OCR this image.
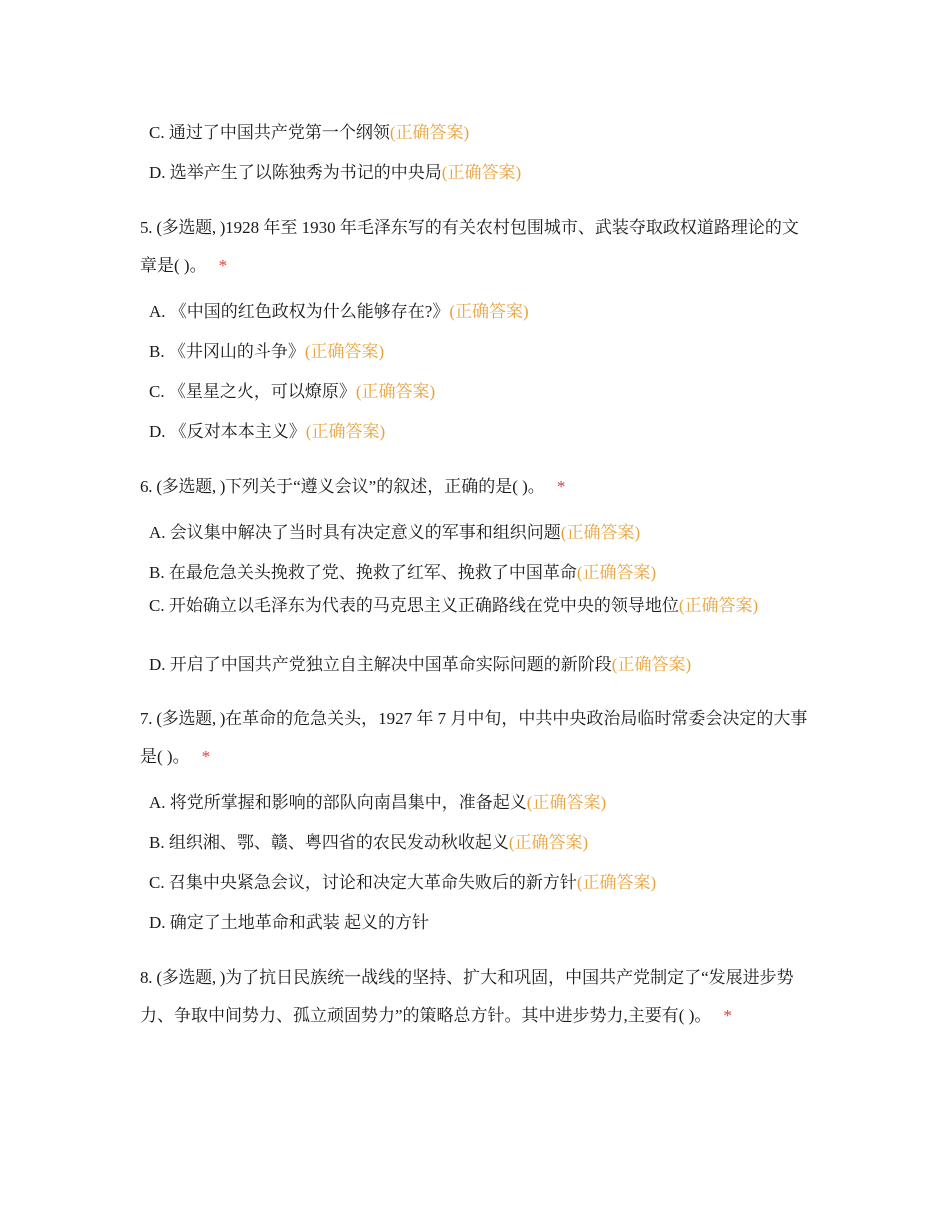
C. 通过了中国共产党第一个纲领(正确答案)
D. 选举产生了以陈独秀为书记的中央局(正确答案)
5. (多选题, )1928 年至 1930 年毛泽东写的有关农村包围城市、武装夺取政权道路理论的文章是( )。 *
A. 《中国的红色政权为什么能够存在?》(正确答案)
B. 《井冈山的斗争》(正确答案)
C. 《星星之火，可以燎原》(正确答案)
D. 《反对本本主义》(正确答案)
6. (多选题, )下列关于“遵义会议”的叙述，正确的是( )。 *
A. 会议集中解决了当时具有决定意义的军事和组织问题(正确答案)
B. 在最危急关头挽救了党、挽救了红军、挽救了中国革命(正确答案)
C. 开始确立以毛泽东为代表的马克思主义正确路线在党中央的领导地位(正确答案)
D. 开启了中国共产党独立自主解决中国革命实际问题的新阶段(正确答案)
7. (多选题, )在革命的危急关头，1927 年 7 月中旬，中共中央政治局临时常委会决定的大事是( )。 *
A. 将党所掌握和影响的部队向南昌集中，准备起义(正确答案)
B. 组织湘、鄂、赣、粤四省的农民发动秋收起义(正确答案)
C. 召集中央紧急会议，讨论和决定大革命失败后的新方针(正确答案)
D. 确定了土地革命和武装 起义的方针
8. (多选题, )为了抗日民族统一战线的坚持、扩大和巩固，中国共产党制定了“发展进步势力、争取中间势力、孤立顽固势力”的策略总方针。其中进步势力,主要有( )。 *
